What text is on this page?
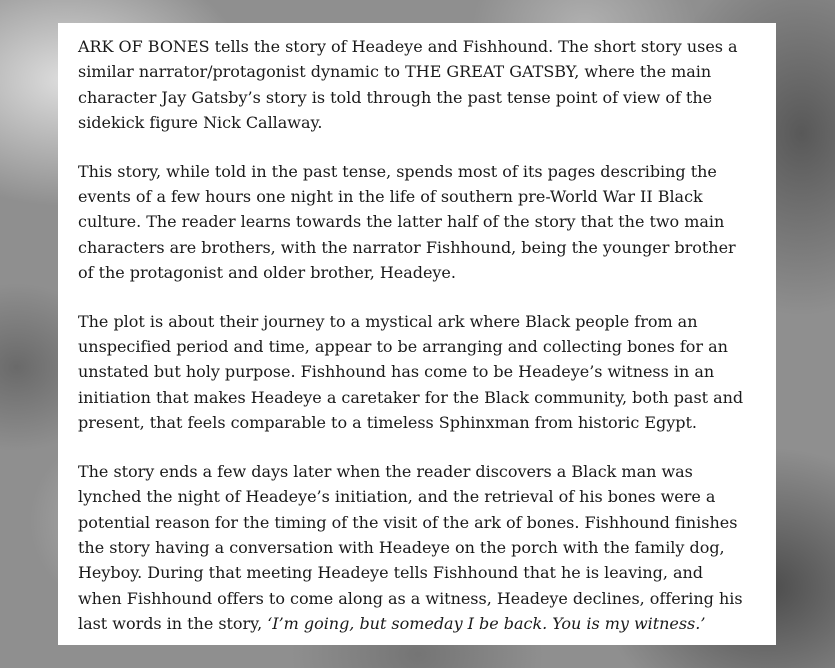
ARK OF BONES tells the story of Headeye and Fishhound. The short story uses a
similar narrator/protagonist dynamic to THE GREAT GATSBY, where the main
character Jay Gatsby’s story is told through the past tense point of view of the
sidekick figure Nick Callaway.

This story, while told in the past tense, spends most of its pages describing the
events of a few hours one night in the life of southern pre-World War II Black
culture. The reader learns towards the latter half of the story that the two main
characters are brothers, with the narrator Fishhound, being the younger brother
of the protagonist and older brother, Headeye.

The plot is about their journey to a mystical ark where Black people from an
unspecified period and time, appear to be arranging and collecting bones for an
unstated but holy purpose. Fishhound has come to be Headeye’s witness in an
initiation that makes Headeye a caretaker for the Black community, both past and
present, that feels comparable to a timeless Sphinxman from historic Egypt.

The story ends a few days later when the reader discovers a Black man was
lynched the night of Headeye’s initiation, and the retrieval of his bones were a
potential reason for the timing of the visit of the ark of bones. Fishhound finishes
the story having a conversation with Headeye on the porch with the family dog,
Heyboy. During that meeting Headeye tells Fishhound that he is leaving, and
when Fishhound offers to come along as a witness, Headeye declines, offering his
last words in the story, ‘I’m going, but someday I be back. You is my witness.’
